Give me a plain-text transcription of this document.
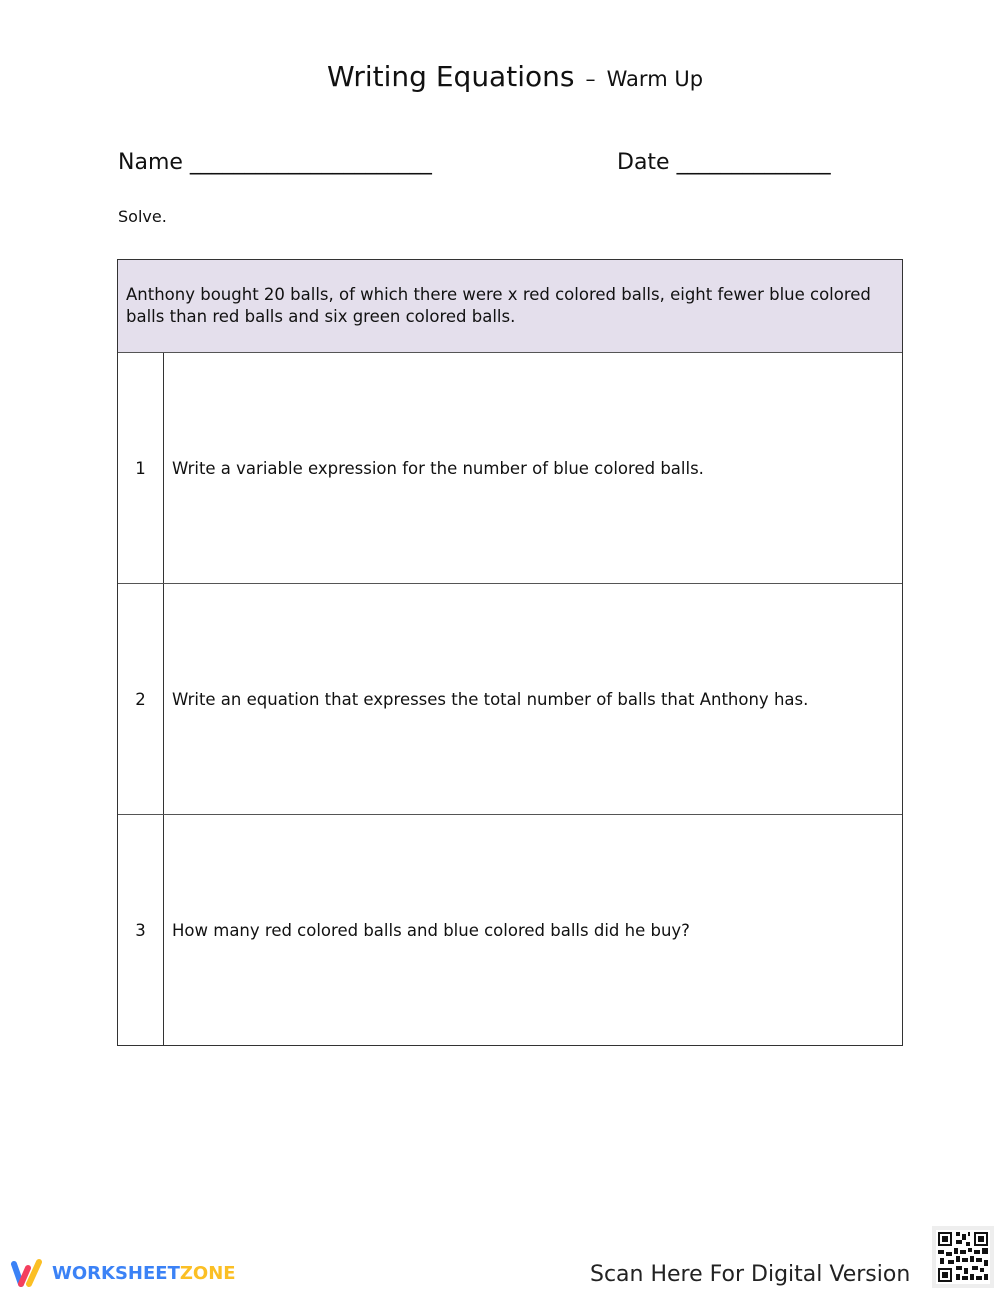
Writing Equations – Warm Up
Name ______________________	Date ______________
Solve.
Anthony bought 20 balls, of which there were x red colored balls, eight fewer blue colored balls than red balls and six green colored balls.
1	Write a variable expression for the number of blue colored balls.
2	Write an equation that expresses the total number of balls that Anthony has.
3	How many red colored balls and blue colored balls did he buy?
WORKSHEET ZONE	Scan Here For Digital Version
